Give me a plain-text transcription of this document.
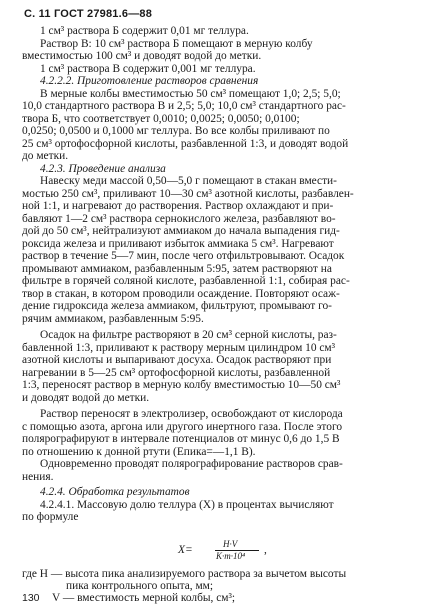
С. 11 ГОСТ 27981.6—88
1 см³ раствора Б содержит 0,01 мг теллура.
Раствор В: 10 см³ раствора Б помещают в мерную колбу
вместимостью 100 см³ и доводят водой до метки.
1 см³ раствора В содержит 0,001 мг теллура.
4.2.2.2. Приготовление растворов сравнения
В мерные колбы вместимостью 50 см³ помещают 1,0; 2,5; 5,0;
10,0 стандартного раствора В и 2,5; 5,0; 10,0 см³ стандартного рас-
твора Б, что соответствует 0,0010; 0,0025; 0,0050; 0,0100;
0,0250; 0,0500 и 0,1000 мг теллура. Во все колбы приливают по
25 см³ ортофосфорной кислоты, разбавленной 1:3, и доводят водой
до метки.
4.2.3. Проведение анализа
Навеску меди массой 0,50—5,0 г помещают в стакан вмести-
мостью 250 см³, приливают 10—30 см³ азотной кислоты, разбавлен-
ной 1:1, и нагревают до растворения. Раствор охлаждают и при-
бавляют 1—2 см³ раствора сернокислого железа, разбавляют во-
дой до 50 см³, нейтрализуют аммиаком до начала выпадения гид-
роксида железа и приливают избыток аммиака 5 см³. Нагревают
раствор в течение 5—7 мин, после чего отфильтровывают. Осадок
промывают аммиаком, разбавленным 5:95, затем растворяют на
фильтре в горячей соляной кислоте, разбавленной 1:1, собирая рас-
твор в стакан, в котором проводили осаждение. Повторяют осаж-
дение гидроксида железа аммиаком, фильтруют, промывают го-
рячим аммиаком, разбавленным 5:95.
Осадок на фильтре растворяют в 20 см³ серной кислоты, раз-
бавленной 1:3, приливают к раствору мерным цилиндром 10 см³
азотной кислоты и выпаривают досуха. Осадок растворяют при
нагревании в 5—25 см³ ортофосфорной кислоты, разбавленной
1:3, переносят раствор в мерную колбу вместимостью 10—50 см³
и доводят водой до метки.
Раствор переносят в электролизер, освобождают от кислорода
с помощью азота, аргона или другого инертного газа. После этого
полярографируют в интервале потенциалов от минус 0,6 до 1,5 В
по отношению к донной ртути (Eпика=—1,1 В).
Одновременно проводят полярографирование растворов срав-
нения.
4.2.4. Обработка результатов
4.2.4.1. Массовую долю теллура (X) в процентах вычисляют
по формуле
X=	H·V
K·m·10⁴ ,
где H — высота пика анализируемого раствора за вычетом высоты
пика контрольного опыта, мм;
V — вместимость мерной колбы, см³;
130
